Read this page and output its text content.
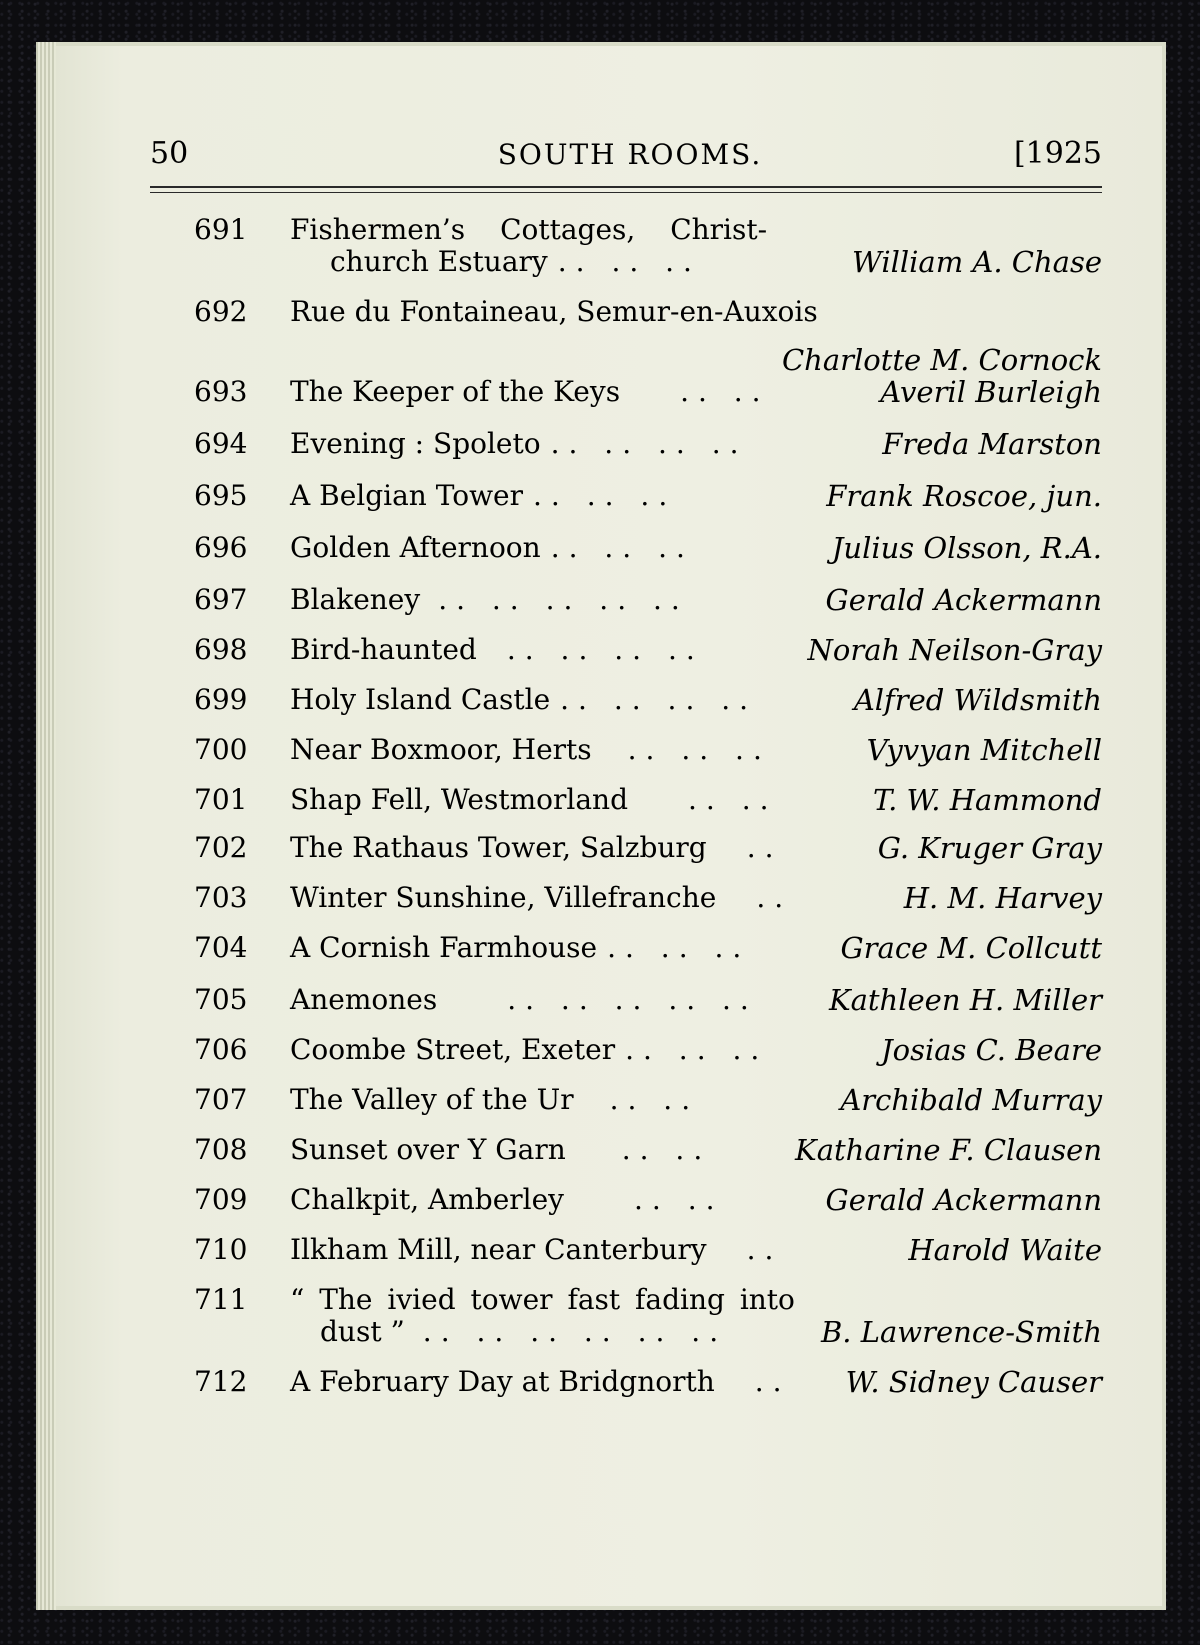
50	SOUTH ROOMS.	[1925
691 Fishermen’s Cottages, Christ-
church Estuary .. .. ..	William A. Chase
692 Rue du Fontaineau, Semur-en-Auxois
Charlotte M. Cornock
693 The Keeper of the Keys .. ..	Averil Burleigh
694 Evening : Spoleto .. .. .. ..	Freda Marston
695 A Belgian Tower .. .. ..	Frank Roscoe, jun.
696 Golden Afternoon .. .. ..	Julius Olsson, R.A.
697 Blakeney .. .. .. .. ..	Gerald Ackermann
698 Bird-haunted .. .. .. ..	Norah Neilson-Gray
699 Holy Island Castle .. .. .. ..	Alfred Wildsmith
700 Near Boxmoor, Herts .. .. ..	Vyvyan Mitchell
701 Shap Fell, Westmorland .. ..	T. W. Hammond
702 The Rathaus Tower, Salzburg ..	G. Kruger Gray
703 Winter Sunshine, Villefranche ..	H. M. Harvey
704 A Cornish Farmhouse .. .. ..	Grace M. Collcutt
705 Anemones	.. .. .. .. .. Kathleen H. Miller
706 Coombe Street, Exeter .. .. ..	Josias C. Beare
707 The Valley of the Ur .. ..	Archibald Murray
708 Sunset over Y Garn .. ..	Katharine F. Clausen
709 Chalkpit, Amberley	.. ..	Gerald Ackermann
710 Ilkham Mill, near Canterbury ..	Harold Waite
711 “ The ivied tower fast fading into
dust ” .. .. .. .. .. ..	B. Lawrence-Smith
712 A February Day at Bridgnorth .. W. Sidney Causer
